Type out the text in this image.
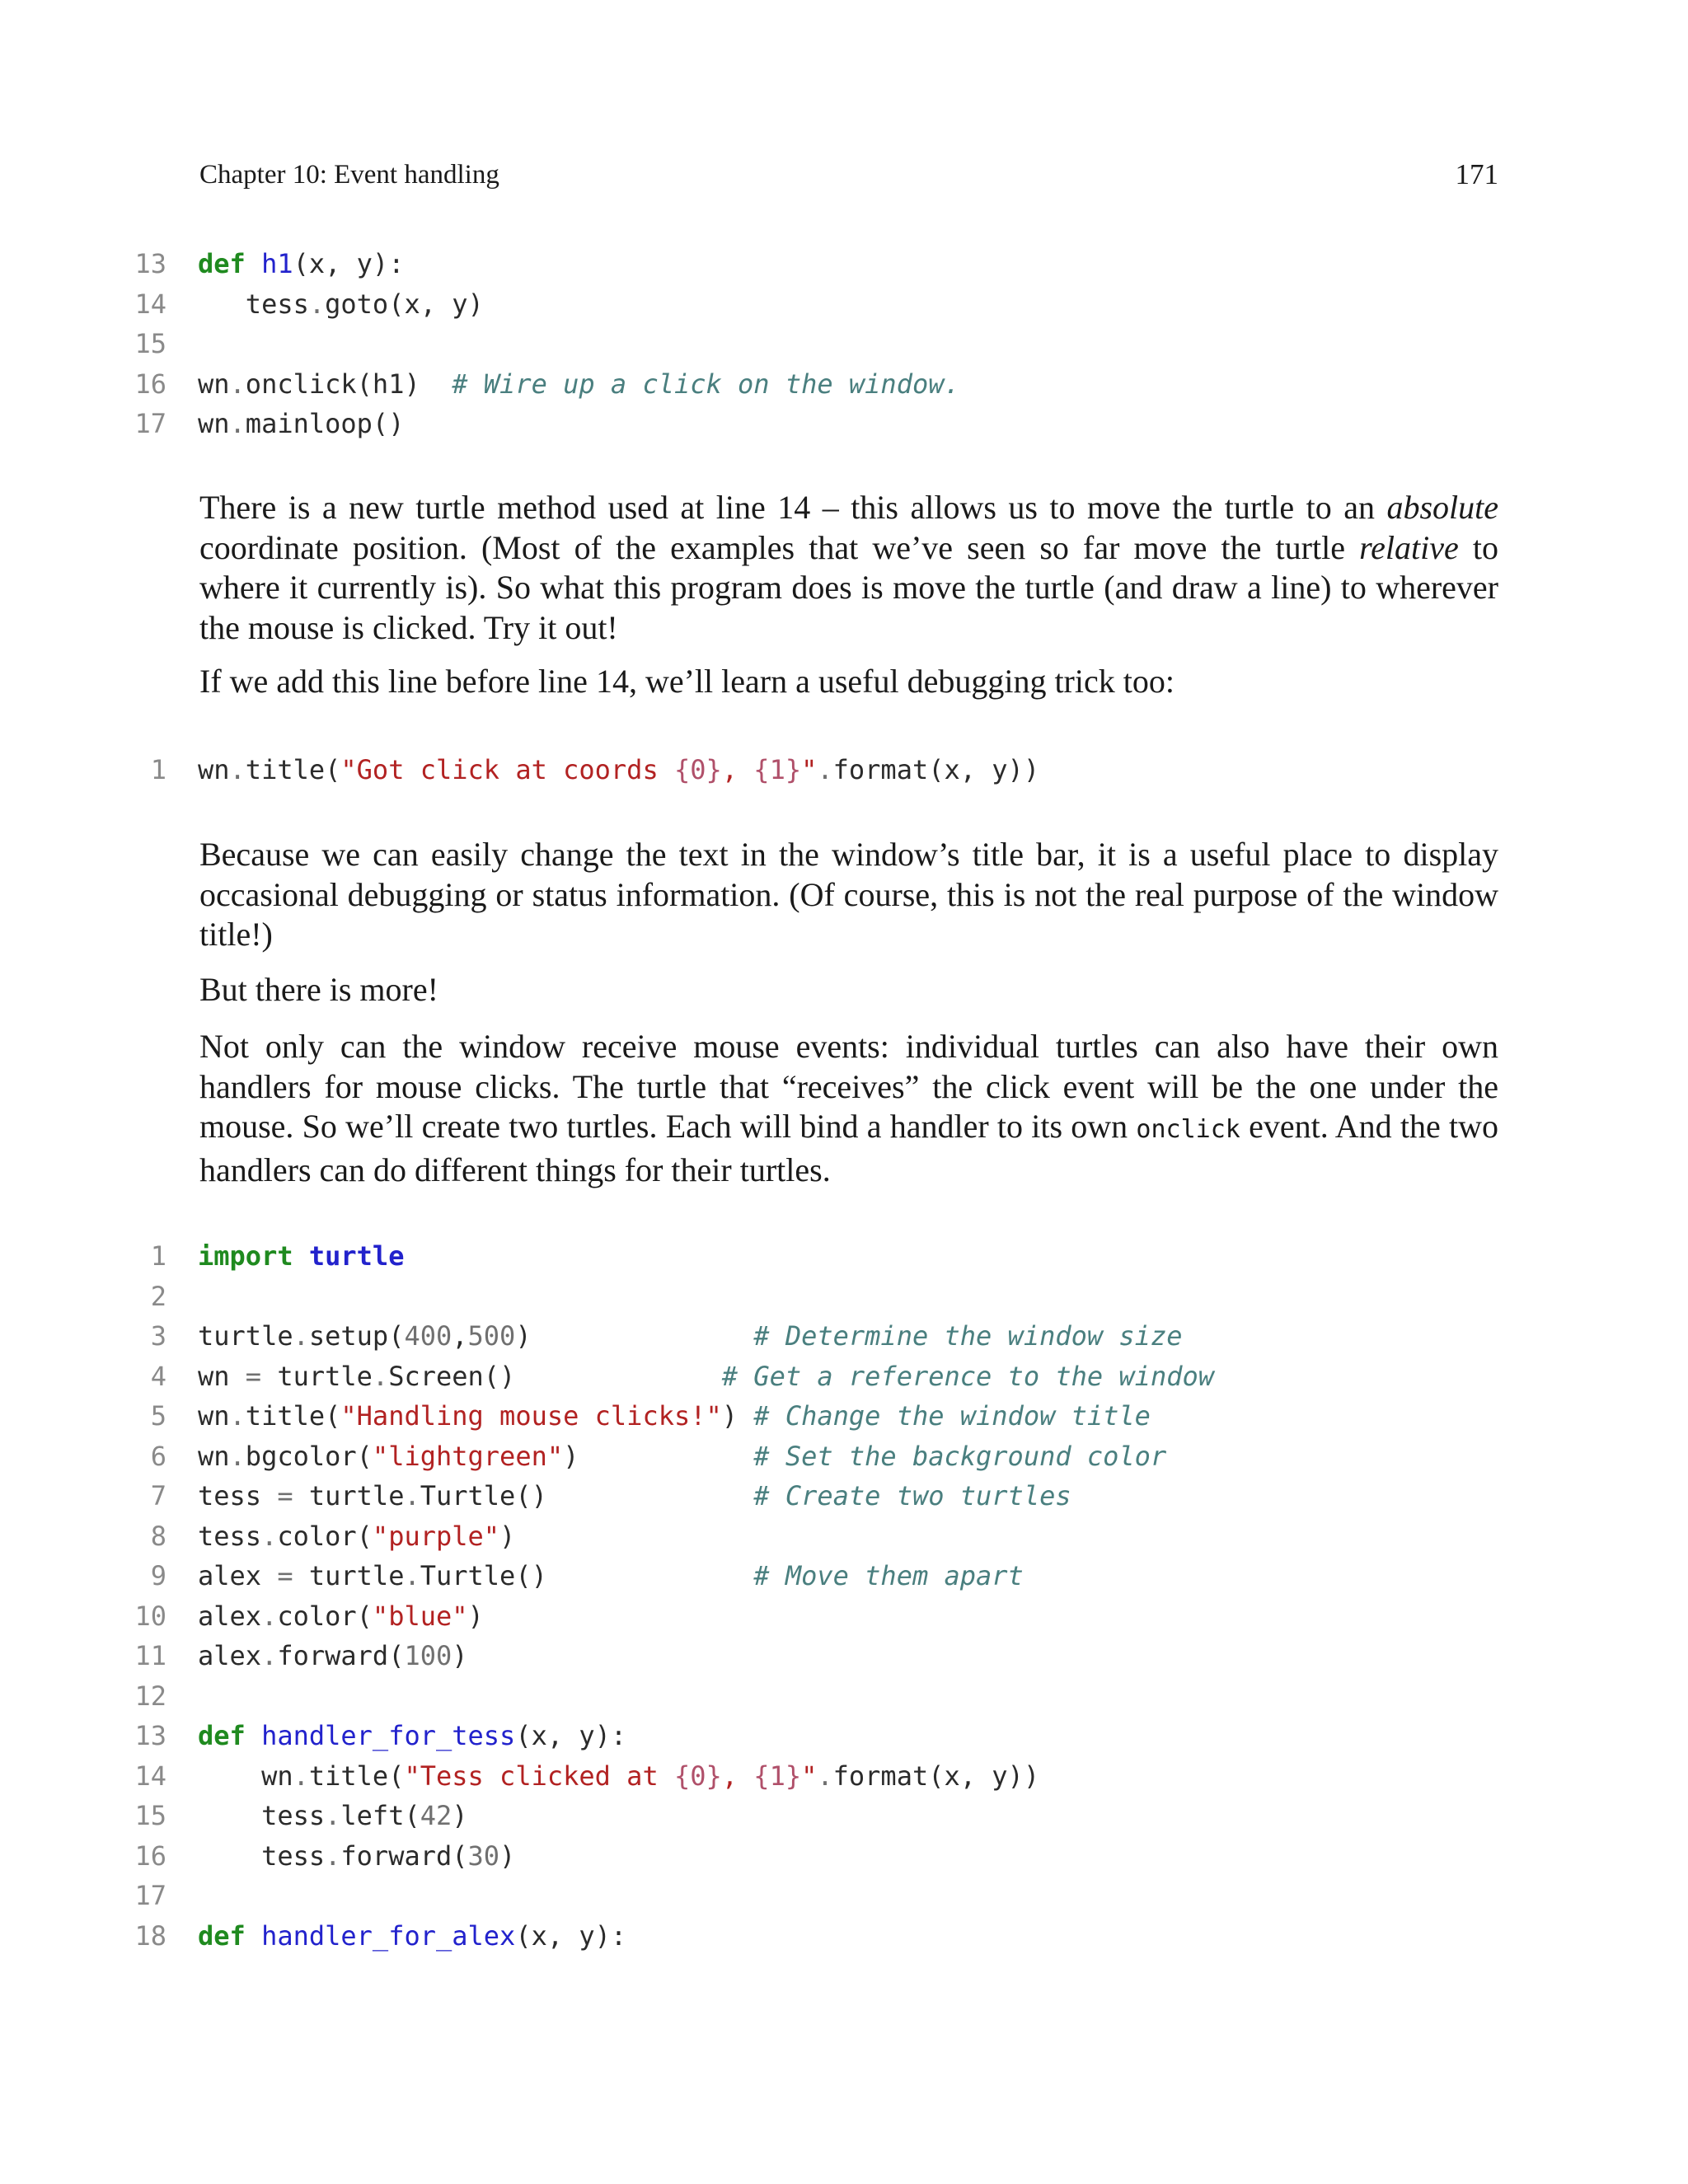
Chapter 10: Event handling	171
13 def h1(x, y):
14 tess.goto(x, y)
15
16 wn.onclick(h1)  # Wire up a click on the window.
17 wn.mainloop()

There is a new turtle method used at line 14 – this allows us to move the turtle to an absolute coordinate position. (Most of the examples that we’ve seen so far move the turtle relative to where it currently is). So what this program does is move the turtle (and draw a line) to wherever the mouse is clicked. Try it out!

If we add this line before line 14, we’ll learn a useful debugging trick too:

1 wn.title("Got click at coords {0}, {1}".format(x, y))

Because we can easily change the text in the window’s title bar, it is a useful place to display occasional debugging or status information. (Of course, this is not the real purpose of the window title!)

But there is more!

Not only can the window receive mouse events: individual turtles can also have their own handlers for mouse clicks. The turtle that “receives” the click event will be the one under the mouse. So we’ll create two turtles. Each will bind a handler to its own onclick event. And the two handlers can do different things for their turtles.

1 import turtle
2
3 turtle.setup(400,500)              # Determine the window size
4 wn = turtle.Screen()             # Get a reference to the window
5 wn.title("Handling mouse clicks!") # Change the window title
6 wn.bgcolor("lightgreen")           # Set the background color
7 tess = turtle.Turtle()             # Create two turtles
8 tess.color("purple")
9 alex = turtle.Turtle()             # Move them apart
10 alex.color("blue")
11 alex.forward(100)
12
13 def handler_for_tess(x, y):
14 wn.title("Tess clicked at {0}, {1}".format(x, y))
15 tess.left(42)
16 tess.forward(30)
17
18 def handler_for_alex(x, y):
